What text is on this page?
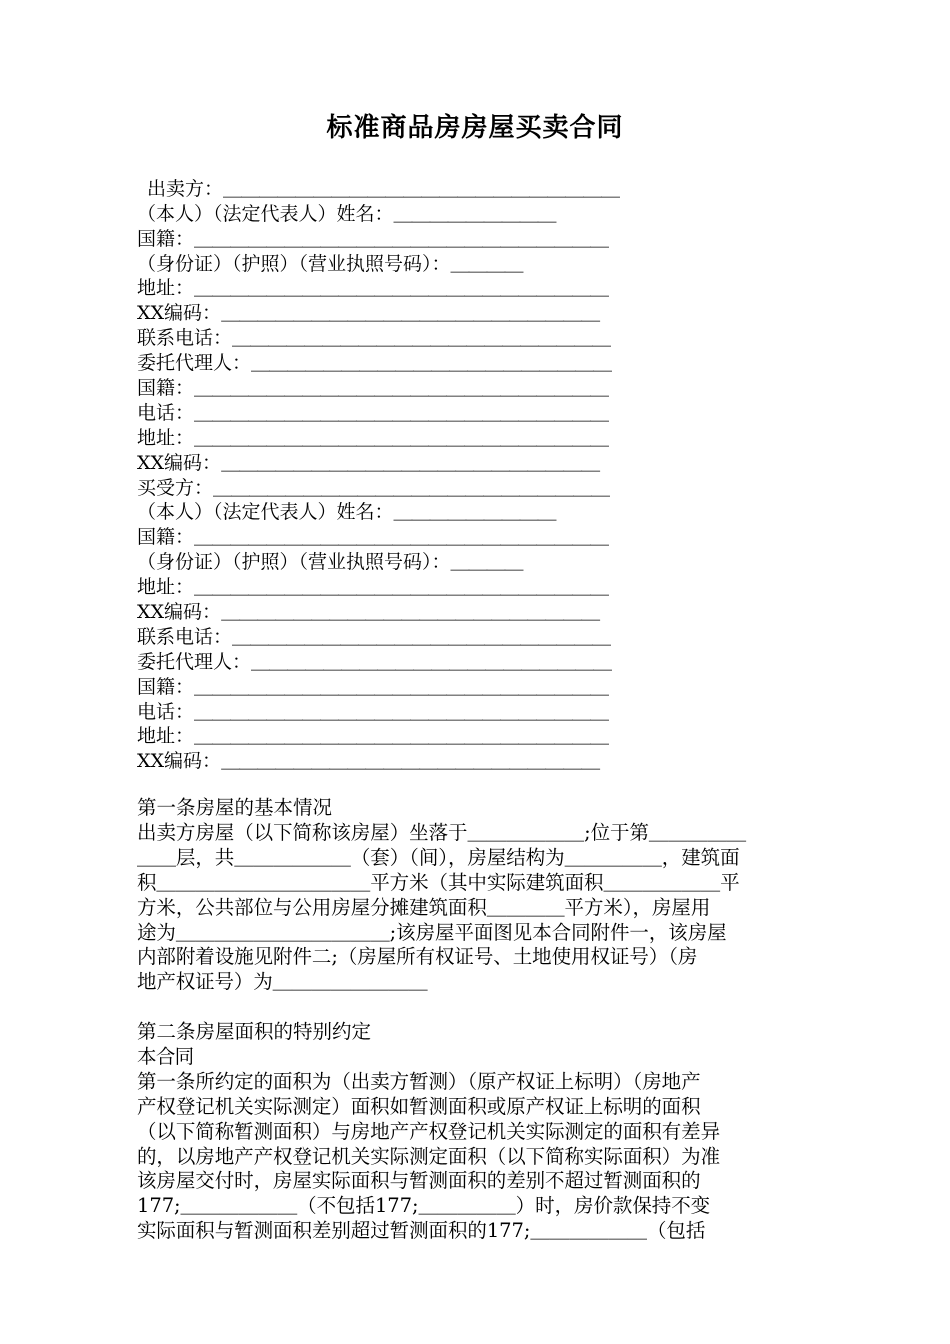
标准商品房房屋买卖合同
出卖方： ＿＿＿＿＿＿＿＿＿＿＿＿＿＿＿＿＿＿＿＿＿＿
（本人）（法定代表人）姓名： ＿＿＿＿＿＿＿＿＿
国籍： ＿＿＿＿＿＿＿＿＿＿＿＿＿＿＿＿＿＿＿＿＿＿＿
（身份证）（护照）（营业执照号码）： ＿＿＿＿
地址： ＿＿＿＿＿＿＿＿＿＿＿＿＿＿＿＿＿＿＿＿＿＿＿
XX编码： ＿＿＿＿＿＿＿＿＿＿＿＿＿＿＿＿＿＿＿＿＿
联系电话： ＿＿＿＿＿＿＿＿＿＿＿＿＿＿＿＿＿＿＿＿＿
委托代理人： ＿＿＿＿＿＿＿＿＿＿＿＿＿＿＿＿＿＿＿＿
国籍： ＿＿＿＿＿＿＿＿＿＿＿＿＿＿＿＿＿＿＿＿＿＿＿
电话： ＿＿＿＿＿＿＿＿＿＿＿＿＿＿＿＿＿＿＿＿＿＿＿
地址： ＿＿＿＿＿＿＿＿＿＿＿＿＿＿＿＿＿＿＿＿＿＿＿
XX编码： ＿＿＿＿＿＿＿＿＿＿＿＿＿＿＿＿＿＿＿＿＿
买受方： ＿＿＿＿＿＿＿＿＿＿＿＿＿＿＿＿＿＿＿＿＿＿
（本人）（法定代表人）姓名： ＿＿＿＿＿＿＿＿＿
国籍： ＿＿＿＿＿＿＿＿＿＿＿＿＿＿＿＿＿＿＿＿＿＿＿
（身份证）（护照）（营业执照号码）： ＿＿＿＿
地址： ＿＿＿＿＿＿＿＿＿＿＿＿＿＿＿＿＿＿＿＿＿＿＿
XX编码： ＿＿＿＿＿＿＿＿＿＿＿＿＿＿＿＿＿＿＿＿＿
联系电话： ＿＿＿＿＿＿＿＿＿＿＿＿＿＿＿＿＿＿＿＿＿
委托代理人： ＿＿＿＿＿＿＿＿＿＿＿＿＿＿＿＿＿＿＿＿
国籍： ＿＿＿＿＿＿＿＿＿＿＿＿＿＿＿＿＿＿＿＿＿＿＿
电话： ＿＿＿＿＿＿＿＿＿＿＿＿＿＿＿＿＿＿＿＿＿＿＿
地址： ＿＿＿＿＿＿＿＿＿＿＿＿＿＿＿＿＿＿＿＿＿＿＿
XX编码： ＿＿＿＿＿＿＿＿＿＿＿＿＿＿＿＿＿＿＿＿＿

第一条房屋的基本情况

出卖方房屋（以下简称该房屋）坐落于＿＿＿＿＿＿;位于第＿＿＿＿＿

＿＿层，共＿＿＿＿＿＿（套）（间），房屋结构为＿＿＿＿＿，建筑面

积＿＿＿＿＿＿＿＿＿＿＿平方米（其中实际建筑面积＿＿＿＿＿＿平

方米，公共部位与公用房屋分摊建筑面积＿＿＿＿平方米），房屋用

途为＿＿＿＿＿＿＿＿＿＿＿;该房屋平面图见本合同附件一，该房屋

内部附着设施见附件二;（房屋所有权证号、土地使用权证号）（房

地产权证号）为＿＿＿＿＿＿＿＿

第二条房屋面积的特别约定

本合同

第一条所约定的面积为（出卖方暂测）（原产权证上标明）（房地产

产权登记机关实际测定）面积如暂测面积或原产权证上标明的面积

（以下简称暂测面积）与房地产产权登记机关实际测定的面积有差异

的，以房地产产权登记机关实际测定面积（以下简称实际面积）为准

该房屋交付时，房屋实际面积与暂测面积的差别不超过暂测面积的

177;＿＿＿＿＿＿（不包括177;＿＿＿＿＿）时，房价款保持不变

实际面积与暂测面积差别超过暂测面积的177;＿＿＿＿＿＿（包括
